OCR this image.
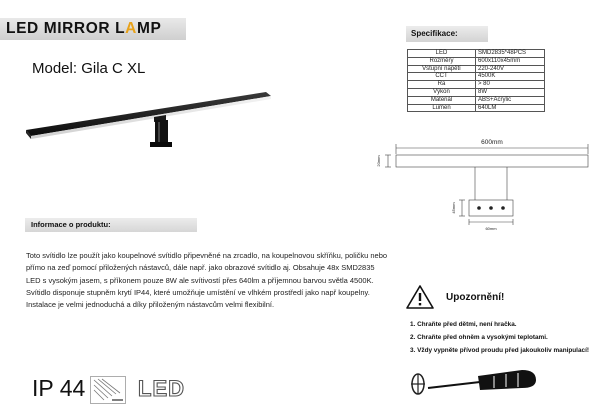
LED MIRROR LAMP
Model: Gila C XL
Informace o produktu:
Toto svítidlo lze použít jako koupelnové svítidlo připevněné na zrcadlo, na koupelnovou skříňku, poličku nebo přímo na zeď pomocí přiložených nástavců, dále např. jako obrazové svítidlo aj. Obsahuje 48x SMD2835 LED s vysokým jasem, s příkonem pouze 8W ale svítivostí přes 640lm a příjemnou barvou světla 4500K. Svítidlo disponuje stupněm krytí IP44, které umožňuje umístění ve vlhkém prostředí jako např koupelny. Instalace je velmi jednoduchá a díky přiloženým nástavcům velmi flexibilní.
Specifikace:
LED	SMD2835*48PCS
Rozměry	600x110x45mm
Vstupní napětí	220-240V
CCT	4500K
Ra	> 80
Výkon	8W
Materiál	ABS+Acrylic
Lumen	640LM
600mm
20mm
45mm
60mm
Upozornění!
1. Chraňte před dětmi, není hračka.
2. Chraňte před ohněm a vysokými teplotami.
3. Vždy vypněte přívod proudu před jakoukoliv manipulací!
IP 44 LED
